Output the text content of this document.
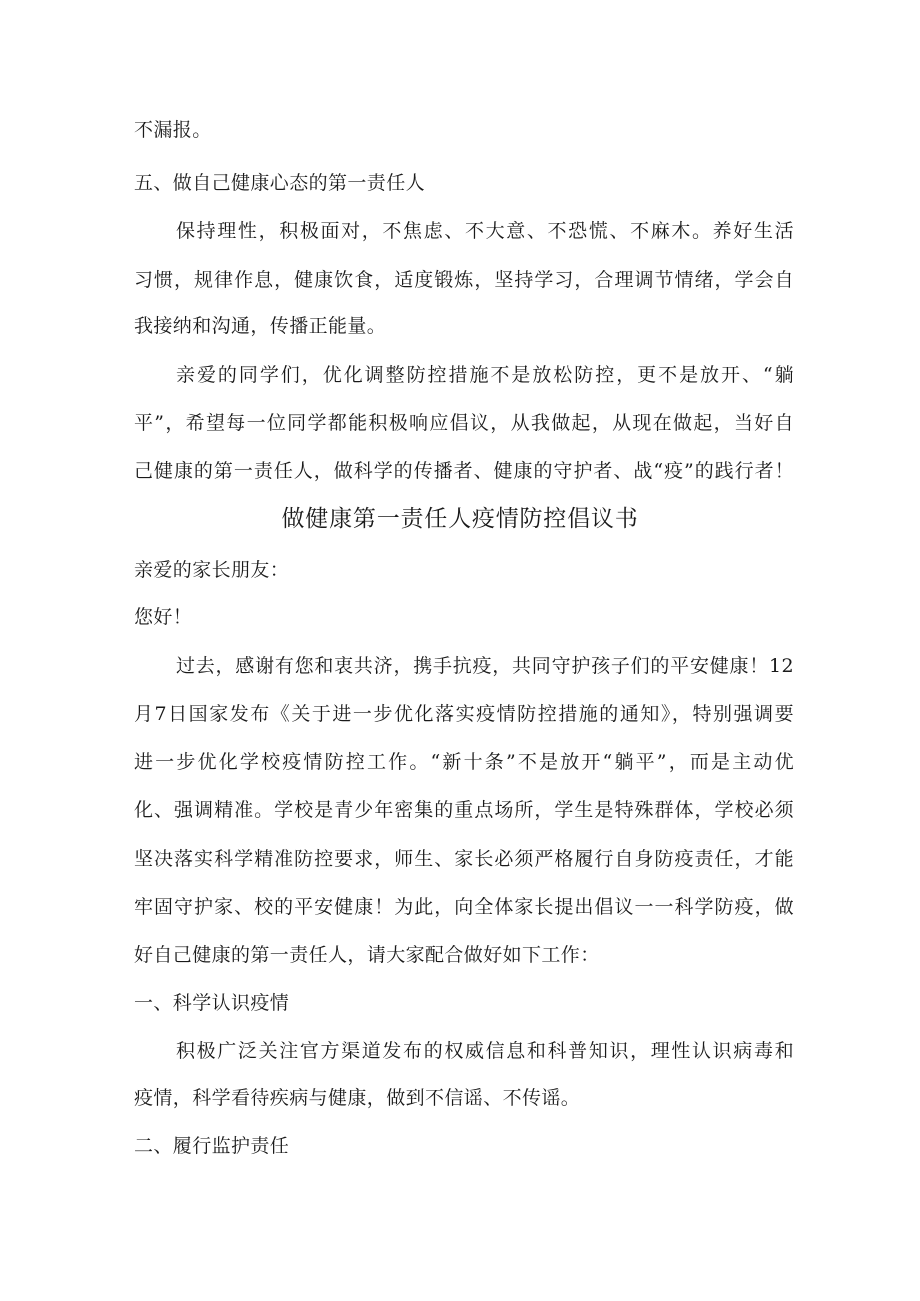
不漏报。
五、做自己健康心态的第一责任人
保持理性，积极面对，不焦虑、不大意、不恐慌、不麻木。养好生活
习惯，规律作息，健康饮食，适度锻炼，坚持学习，合理调节情绪，学会自
我接纳和沟通，传播正能量。
亲爱的同学们，优化调整防控措施不是放松防控，更不是放开、“躺
平”，希望每一位同学都能积极响应倡议，从我做起，从现在做起，当好自
己健康的第一责任人，做科学的传播者、健康的守护者、战“疫”的践行者！
做健康第一责任人疫情防控倡议书
亲爱的家长朋友：
您好！
过去，感谢有您和衷共济，携手抗疫，共同守护孩子们的平安健康！12
月7日国家发布《关于进一步优化落实疫情防控措施的通知》，特别强调要
进一步优化学校疫情防控工作。“新十条”不是放开“躺平”，而是主动优
化、强调精准。学校是青少年密集的重点场所，学生是特殊群体，学校必须
坚决落实科学精准防控要求，师生、家长必须严格履行自身防疫责任，才能
牢固守护家、校的平安健康！为此，向全体家长提出倡议一一科学防疫，做
好自己健康的第一责任人，请大家配合做好如下工作：
一、科学认识疫情
积极广泛关注官方渠道发布的权威信息和科普知识，理性认识病毒和
疫情，科学看待疾病与健康，做到不信谣、不传谣。
二、履行监护责任
